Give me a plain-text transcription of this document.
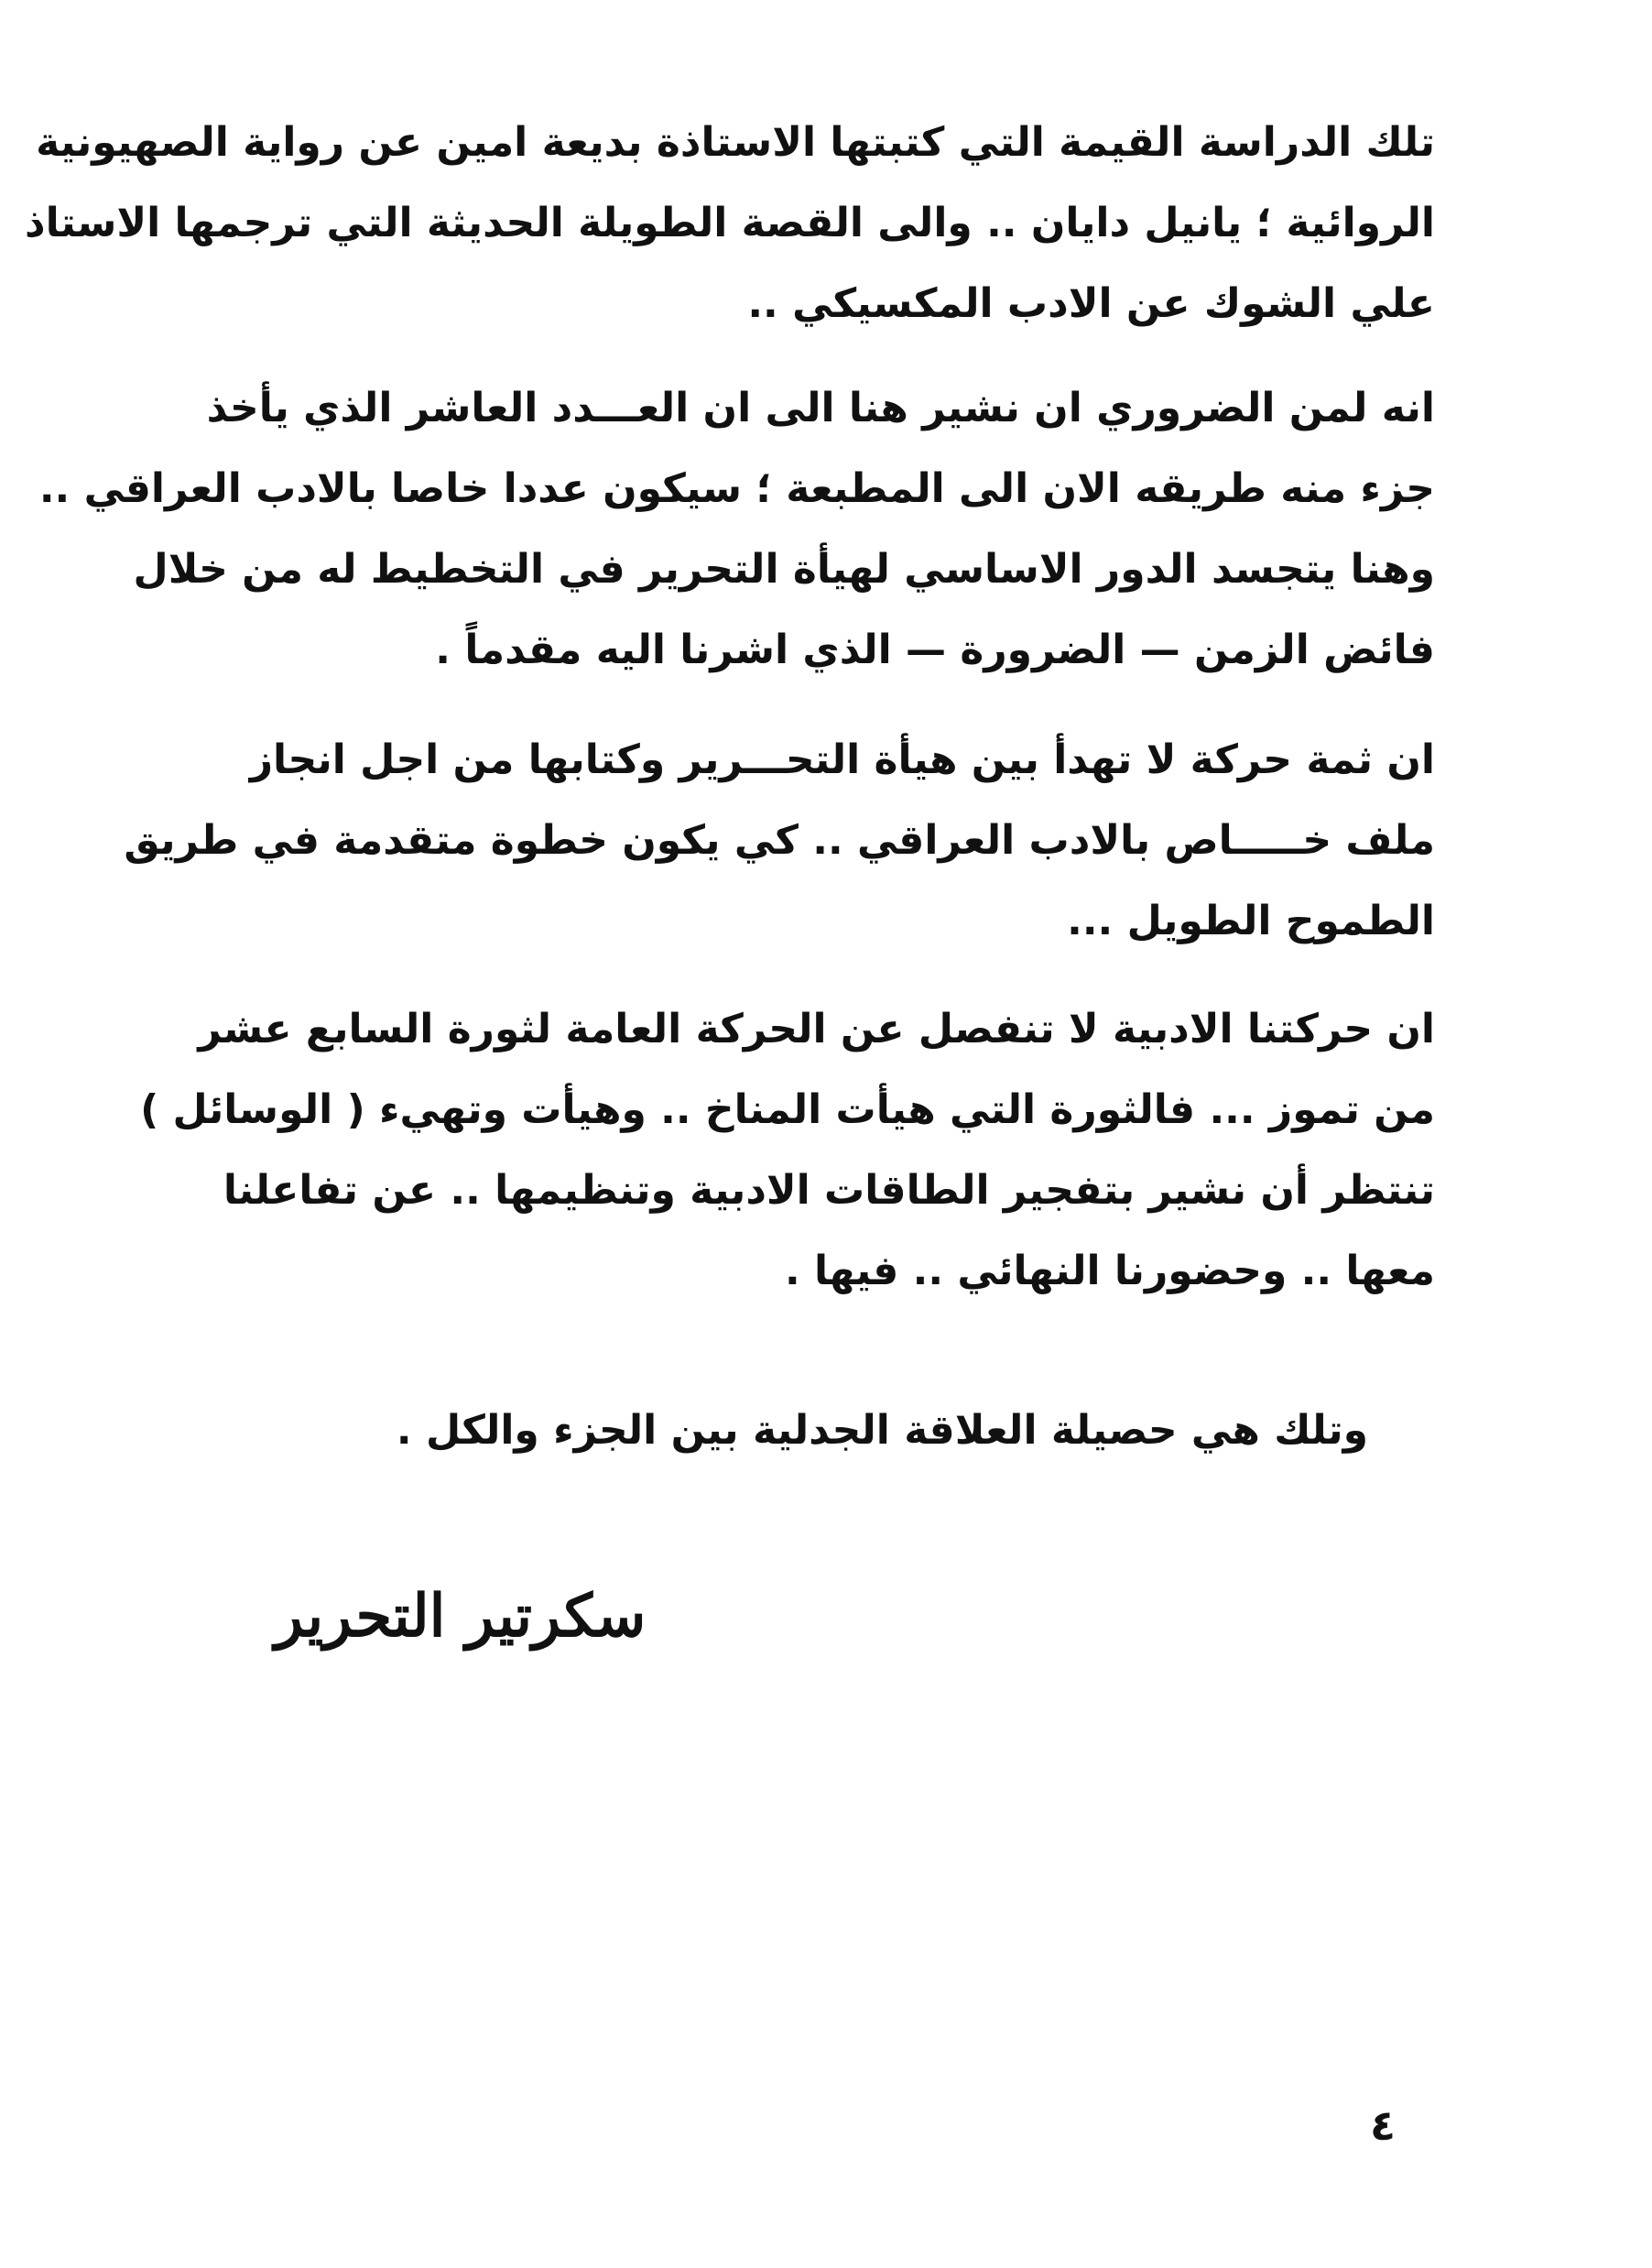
تلك الدراسة القيمة التي كتبتها الاستاذة بديعة امين عن رواية الصهيونية
الروائية ؛ يانيل دايان .. والى القصة الطويلة الحديثة التي ترجمها الاستاذ
علي الشوك عن الادب المكسيكي ..
انه لمن الضروري ان نشير هنا الى ان العـــدد العاشر الذي يأخذ
جزء منه طريقه الان الى المطبعة ؛ سيكون عددا خاصا بالادب العراقي ..
وهنا يتجسد الدور الاساسي لهيأة التحرير في التخطيط له من خلال
فائض الزمن — الضرورة — الذي اشرنا اليه مقدماً .
ان ثمة حركة لا تهدأ بين هيأة التحـــرير وكتابها من اجل انجاز
ملف خـــــاص بالادب العراقي .. كي يكون خطوة متقدمة في طريق
الطموح الطويل ...
ان حركتنا الادبية لا تنفصل عن الحركة العامة لثورة السابع عشر
من تموز ... فالثورة التي هيأت المناخ .. وهيأت وتهيء ( الوسائل )
تنتظر أن نشير بتفجير الطاقات الادبية وتنظيمها .. عن تفاعلنا
معها .. وحضورنا النهائي .. فيها .
وتلك هي حصيلة العلاقة الجدلية بين الجزء والكل .
سكرتير التحرير
٤
